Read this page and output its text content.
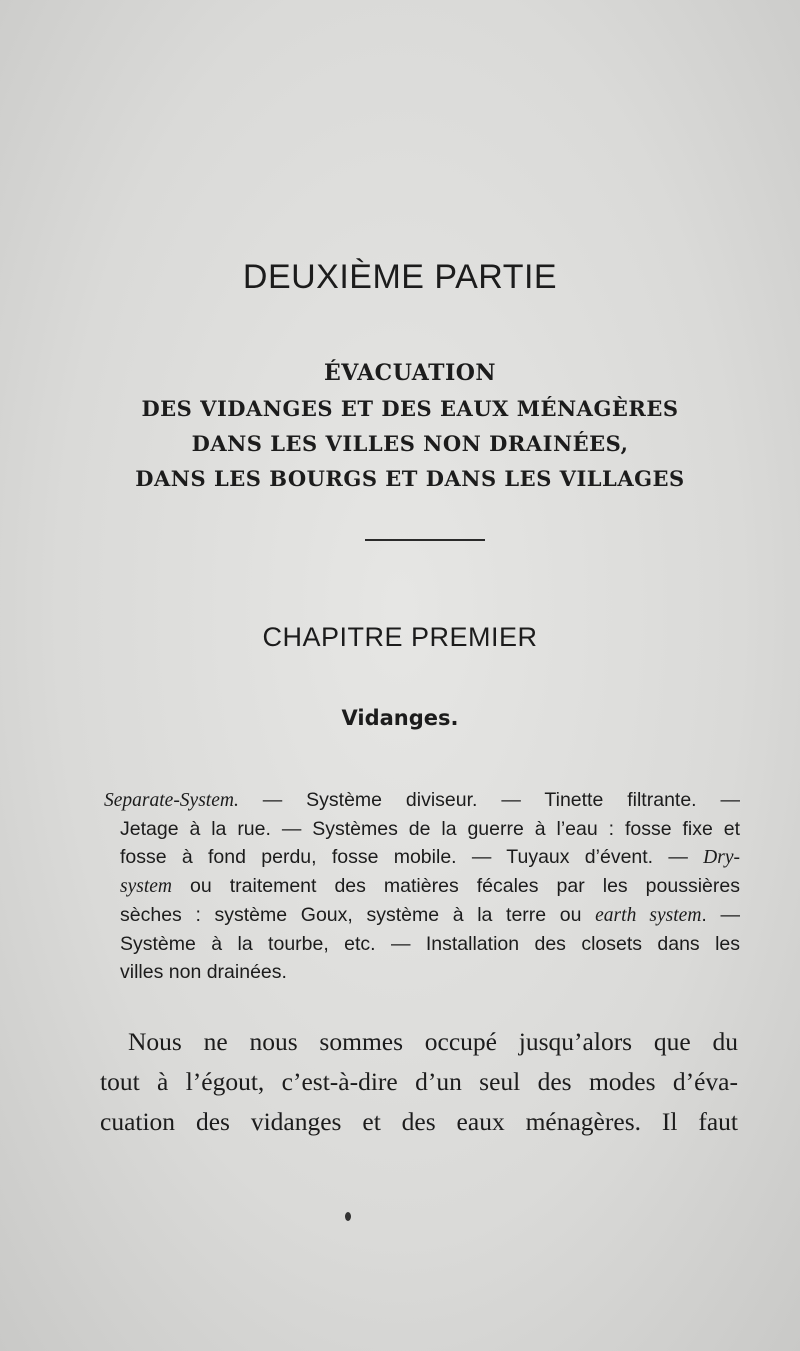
DEUXIÈME PARTIE
ÉVACUATION
DES VIDANGES ET DES EAUX MÉNAGÈRES
DANS LES VILLES NON DRAINÉES,
DANS LES BOURGS ET DANS LES VILLAGES
CHAPITRE PREMIER
Vidanges.
Separate-System. — Système diviseur. — Tinette filtrante. —
Jetage à la rue. — Systèmes de la guerre à l’eau : fosse fixe et
fosse à fond perdu, fosse mobile. — Tuyaux d’évent. — Dry-
system ou traitement des matières fécales par les poussières
sèches : système Goux, système à la terre ou earth system. —
Système à la tourbe, etc. — Installation des closets dans les
villes non drainées.
Nous ne nous sommes occupé jusqu’alors que du
tout à l’égout, c’est-à-dire d’un seul des modes d’éva-
cuation des vidanges et des eaux ménagères. Il faut
